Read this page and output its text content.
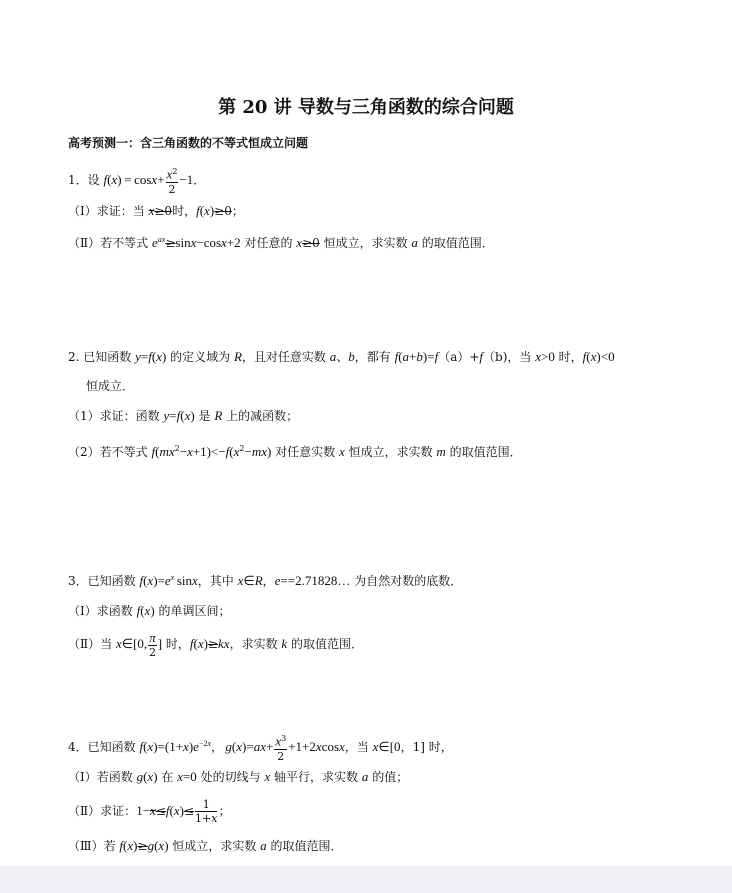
第 20 讲 导数与三角函数的综合问题
高考预测一：含三角函数的不等式恒成立问题
1．设 $f(x) = \cos x+ \frac{x^2}{2} -1$．
（Ⅰ）求证：当 x≥0时，f(x)≥0；
（Ⅱ）若不等式 $e^{ax}\ge\sin x-\cos x+2$ 对任意的 x≥0 恒成立，求实数 a 的取值范围．
2. 已知函数 y=f(x) 的定义域为 R，且对任意实数 a、b，都有 f(a+b)=f（a）+f（b)，当 x>0 时，f(x)<0
恒成立．
（1）求证：函数 y=f(x) 是 R 上的减函数；
（2）若不等式 $f(mx^2-x+1)<-f(x^2-mx)$ 对任意实数 x 恒成立，求实数 m 的取值范围．
3．已知函数 $f(x)=e^x$ sinx，其中 x∈R，e==2.71828… 为自然对数的底数．
（Ⅰ）求函数 f(x) 的单调区间；
（Ⅱ）当 x∈[0, $\frac{\pi}{2}$ ] 时，f(x)≥kx，求实数 k 的取值范围．
4．已知函数 $f(x)=(1+x)e^{-2x}$， $g(x)=ax+ \frac{x^3}{2} +1+2xcosx$，当 x∈[0，1] 时，
（Ⅰ）若函数 g(x) 在 x=0 处的切线与 x 轴平行，求实数 a 的值；
（Ⅱ）求证：$1-x\le f(x)\le \frac{1}{1+x}$ ；
（Ⅲ）若 f(x)≥g(x) 恒成立，求实数 a 的取值范围．
